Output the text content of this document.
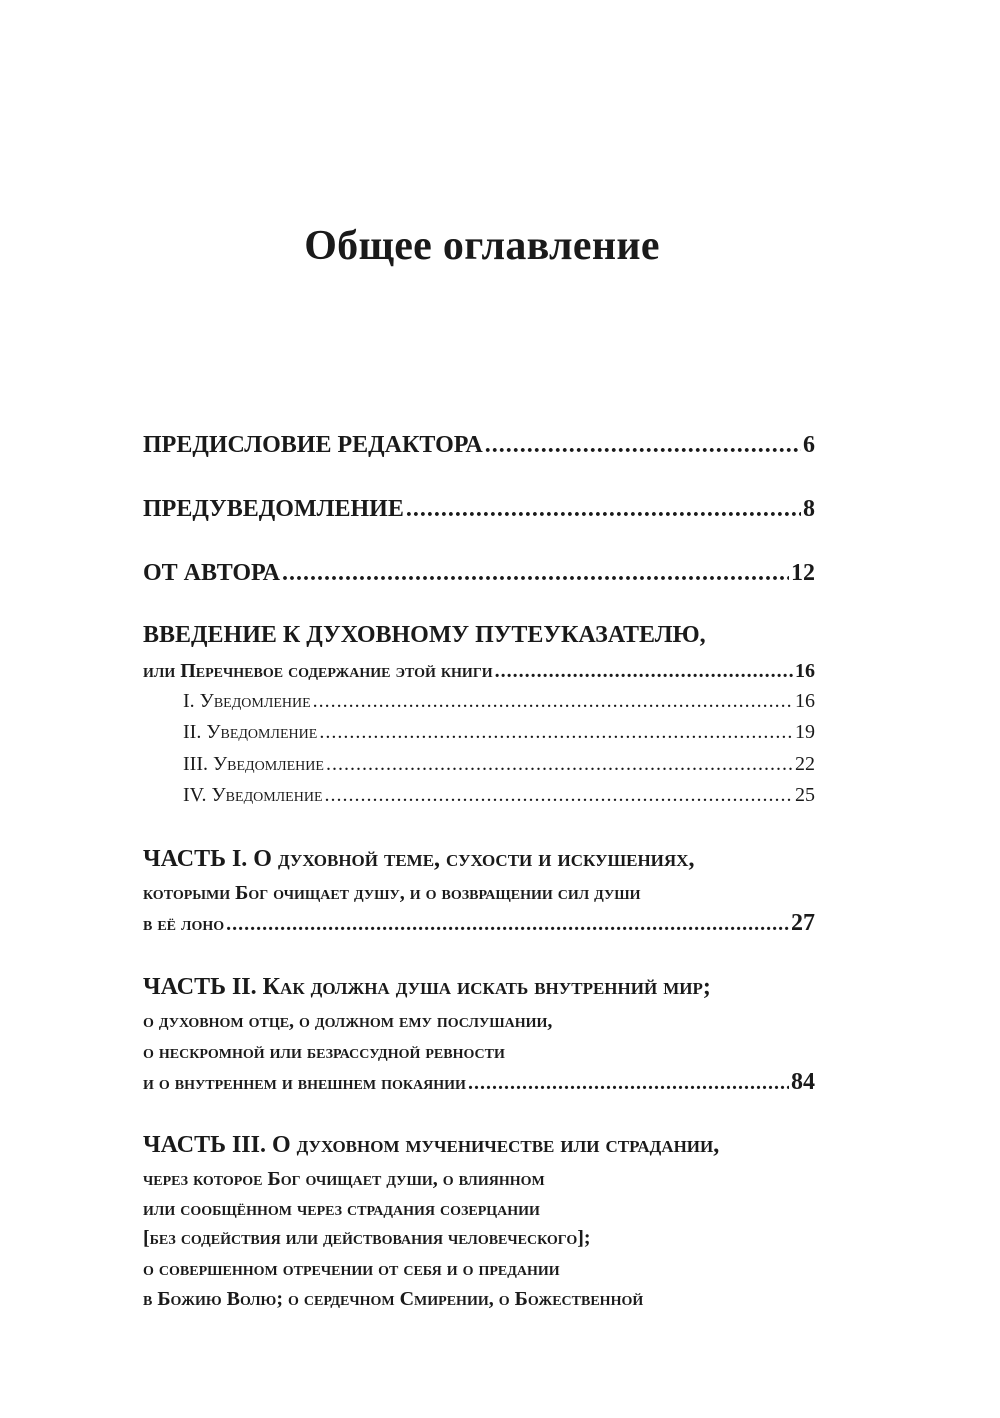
Общее оглавление
ПРЕДИСЛОВИЕ РЕДАКТОРА .....	6
ПРЕДУВЕДОМЛЕНИЕ .....	8
ОТ АВТОРА .....	12
ВВЕДЕНИЕ К ДУХОВНОМУ ПУТЕУКАЗАТЕЛЮ,
или Перечневое содержание этой книги .....	16
I. Уведомление .....	16
II. Уведомление .....	19
III. Уведомление .....	22
IV. Уведомление .....	25
ЧАСТЬ I. О духовной теме, сухости и искушениях,
которыми Бог очищает душу, и о возвращении сил души
в её лоно .....	27
ЧАСТЬ II. Как должна душа искать внутренний мир;
о духовном отце, о должном ему послушании,
о нескромной или безрассудной ревности
и о внутреннем и внешнем покаянии .....	84
ЧАСТЬ III. О духовном мученичестве или страдании,
через которое Бог очищает души, о влиянном
или сообщённом через страдания созерцании
[без содействия или действования человеческого];
о совершенном отречении от себя и о предании
в Божию Волю; о сердечном Смирении, о Божественной
